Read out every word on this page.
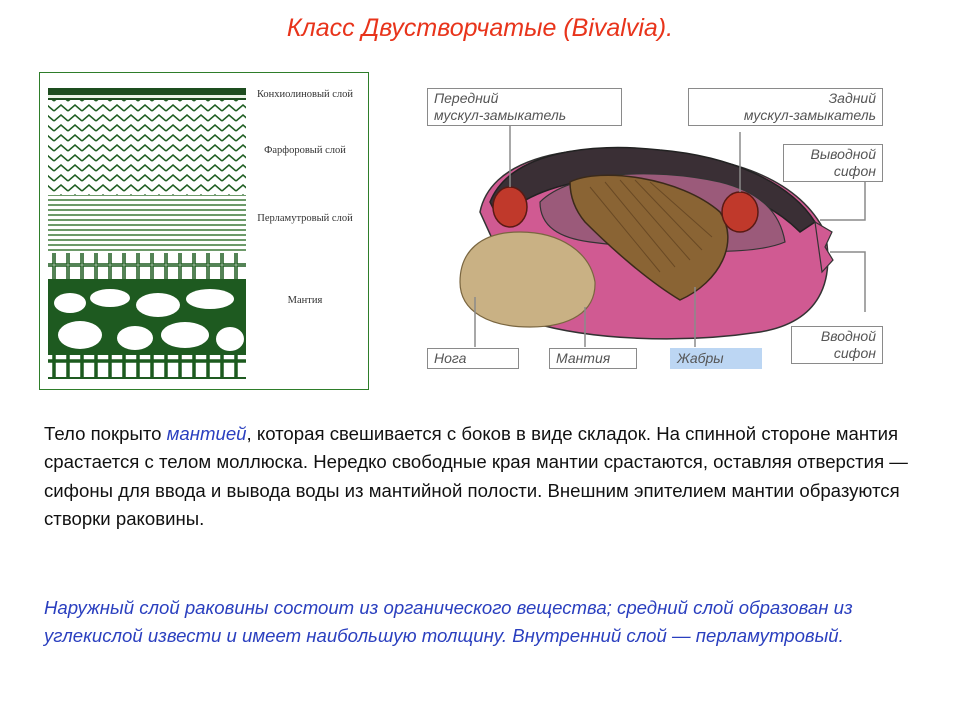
Класс Двустворчатые (Bivalvia).
Конхиолиновый слой
Фарфоровый слой
Перламутровый слой
Мантия
Передний
мускул-замыкатель
Задний
мускул-замыкатель
Выводной
сифон
Вводной
сифон
Нога	Мантия	Жабры
Тело покрыто мантией, которая свешивается с боков в виде складок. На спинной стороне мантия срастается с телом моллюска. Нередко свободные края мантии срастаются, оставляя отверстия — сифоны для ввода и вывода воды из мантийной полости. Внешним эпителием мантии образуются створки раковины.
Наружный слой раковины состоит из органического вещества; средний слой образован из углекислой извести и имеет наибольшую толщину. Внутренний слой — перламутровый.
